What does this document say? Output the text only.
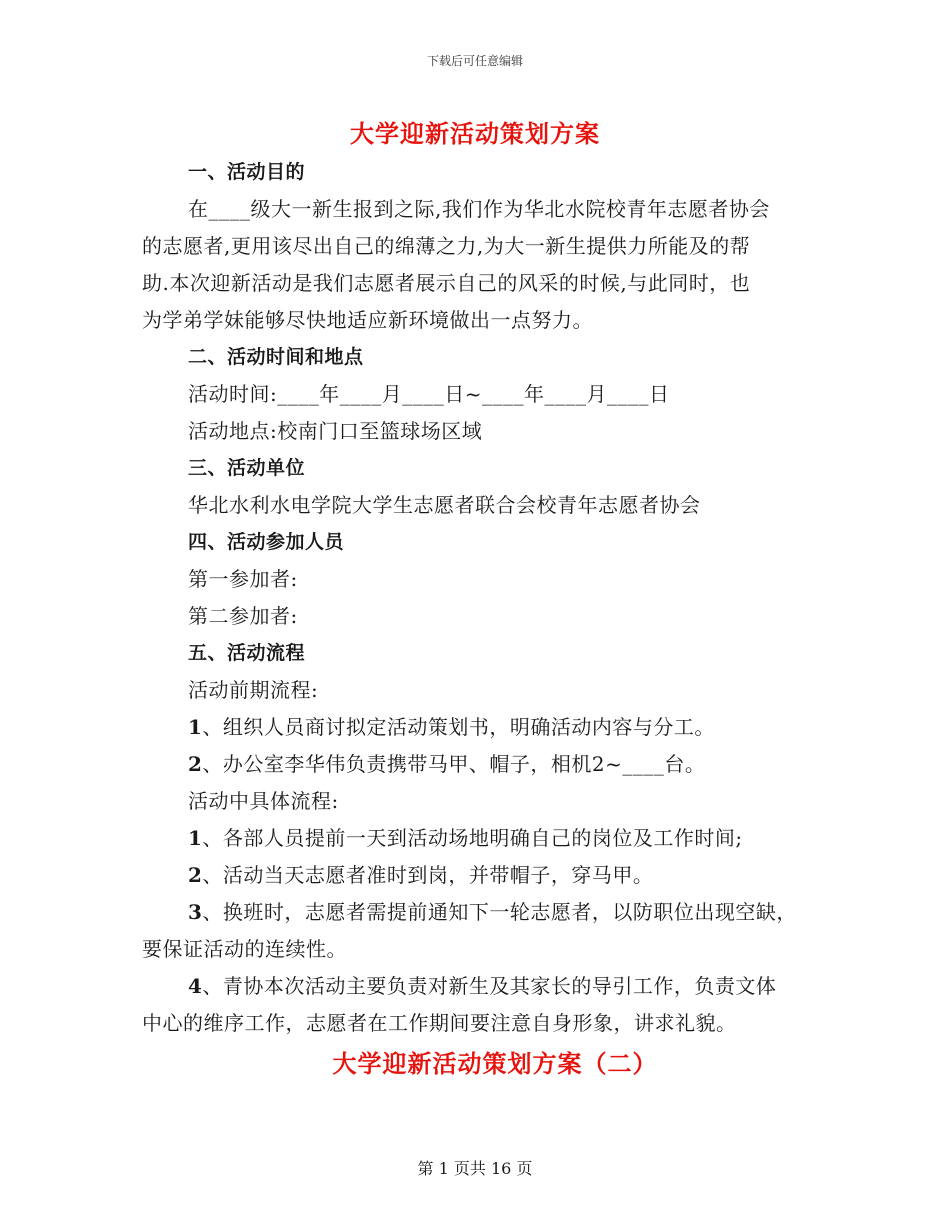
下载后可任意编辑
大学迎新活动策划方案
一、活动目的
在____级大一新生报到之际,我们作为华北水院校青年志愿者协会
的志愿者,更用该尽出自己的绵薄之力,为大一新生提供力所能及的帮
助.本次迎新活动是我们志愿者展示自己的风采的时候,与此同时，也
为学弟学妹能够尽快地适应新环境做出一点努力。
二、活动时间和地点
活动时间:____年____月____日~____年____月____日
活动地点:校南门口至篮球场区域
三、活动单位
华北水利水电学院大学生志愿者联合会校青年志愿者协会
四、活动参加人员
第一参加者:
第二参加者:
五、活动流程
活动前期流程:
1、组织人员商讨拟定活动策划书，明确活动内容与分工。
2、办公室李华伟负责携带马甲、帽子，相机2~____台。
活动中具体流程:
1、各部人员提前一天到活动场地明确自己的岗位及工作时间;
2、活动当天志愿者准时到岗，并带帽子，穿马甲。
3、换班时，志愿者需提前通知下一轮志愿者，以防职位出现空缺，
要保证活动的连续性。
4、青协本次活动主要负责对新生及其家长的导引工作，负责文体
中心的维序工作，志愿者在工作期间要注意自身形象，讲求礼貌。
大学迎新活动策划方案（二）
第 1 页共 16 页
